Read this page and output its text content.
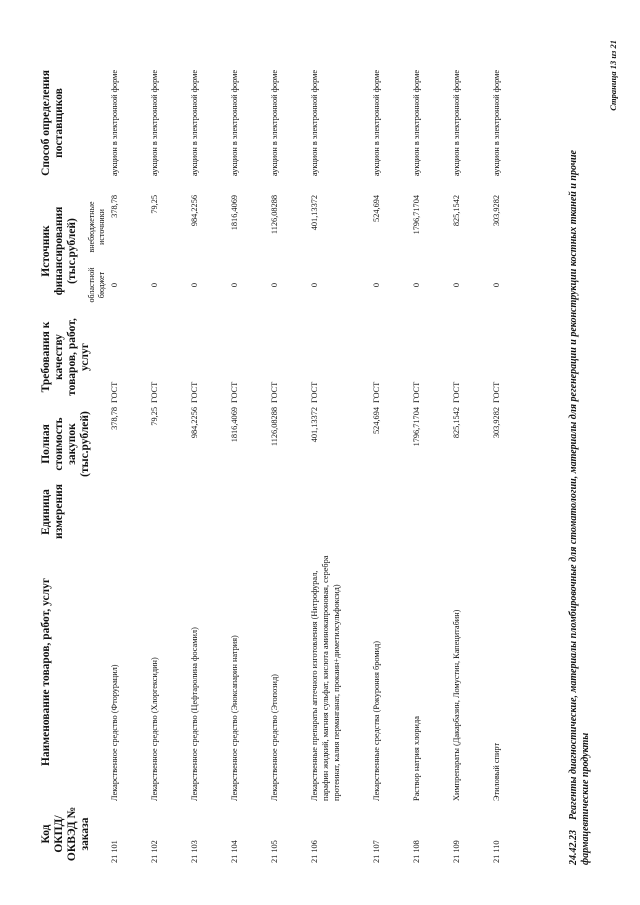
Код ОКПД/ ОКВЭД № заказа	Наименование товаров, работ, услуг	Единица измерения	Полная стоимость закупок (тыс.рублей)	Требования к качеству товаров, работ, услуг	Источник финансирования (тыс.рублей)		Способ определения поставщиков
					областной бюджет	внебюджетные источники	
21 101	Лекарственное средство (Фторурацил)		378,78	ГОСТ	0	378,78	аукцион в электронной форме
21 102	Лекарственное средство (Хлоргексидин)		79,25	ГОСТ	0	79,25	аукцион в электронной форме
21 103	Лекарственное средство (Цефтаролина фосамил)		984,2256	ГОСТ	0	984,2256	аукцион в электронной форме
21 104	Лекарственное средство (Эноксапарин натрия)		1816,4069	ГОСТ	0	1816,4069	аукцион в электронной форме
21 105	Лекарственное средство (Этопозид)		1126,08288	ГОСТ	0	1126,08288	аукцион в электронной форме
21 106	Лекарственные препараты аптечного изготовления (Нитрофурал, парафин жидкий, магния сульфат, кислота аминокапроновая, серебра протеинат, калия перманганат, прокаин+диметилсульфоксид)		401,13372	ГОСТ	0	401,13372	аукцион в электронной форме
21 107	Лекарственные средства (Рокурония бромид)		524,694	ГОСТ	0	524,694	аукцион в электронной форме
21 108	Раствор натрия хлорида		1796,71704	ГОСТ	0	1796,71704	аукцион в электронной форме
21 109	Химпрепараты (Дакарбазин, Ломустин, Капецитабин)		825,1542	ГОСТ	0	825,1542	аукцион в электронной форме
21 110	Этиловый спирт		303,9282	ГОСТ	0	303,9282	аукцион в электронной форме
24.42.23Реагенты диагностические, материалы пломбировочные для стоматологии, материалы для регенерации и реконструкции костных тканей и прочие фармацевтические продукты
Страница 13 из 21
